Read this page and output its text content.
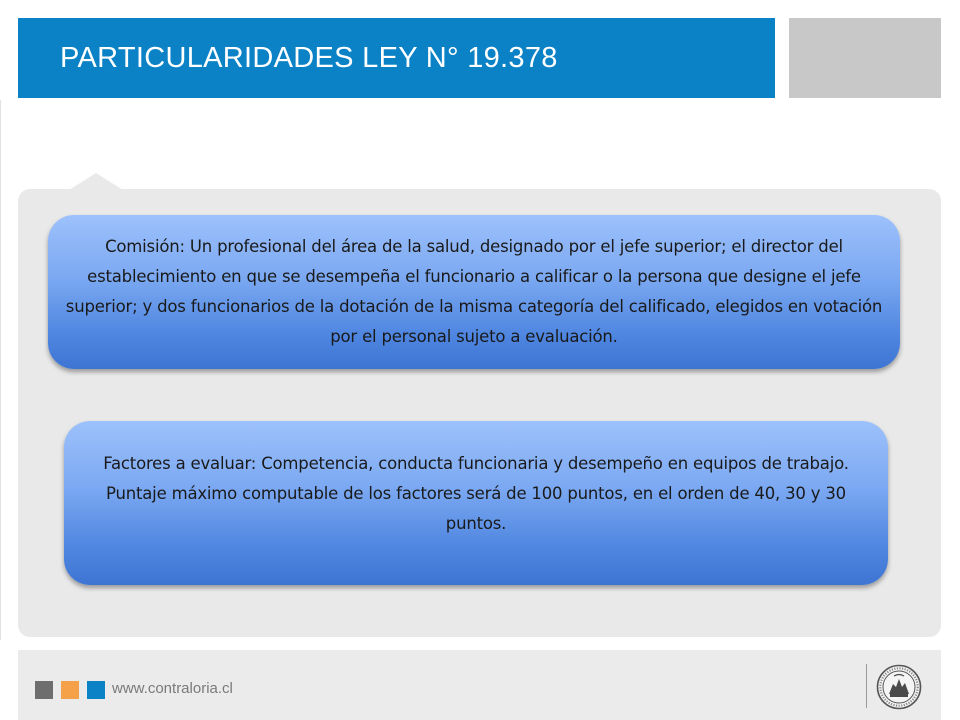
PARTICULARIDADES LEY N° 19.378
Comisión: Un profesional del área de la salud, designado por el jefe superior; el director del establecimiento en que se desempeña el funcionario a calificar o la persona que designe el jefe superior; y dos funcionarios de la dotación de la misma categoría del calificado, elegidos en votación por el personal sujeto a evaluación.
Factores a evaluar: Competencia, conducta funcionaria y desempeño en equipos de trabajo. Puntaje máximo computable de los factores será de 100 puntos, en el orden de 40, 30 y 30 puntos.
www.contraloria.cl
